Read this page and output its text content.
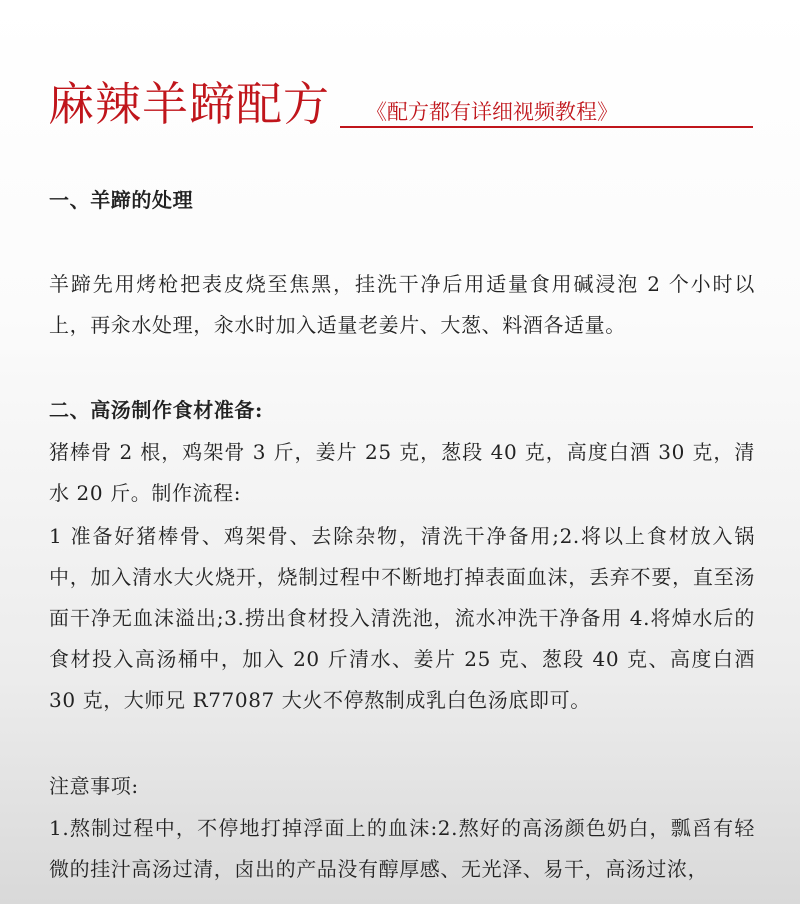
麻辣羊蹄配方 《配方都有详细视频教程》
一、羊蹄的处理
羊蹄先用烤枪把表皮烧至焦黑，挂洗干净后用适量食用碱浸泡 2 个小时以上，再汆水处理，汆水时加入适量老姜片、大葱、料酒各适量。
二、高汤制作食材准备:
猪棒骨 2 根，鸡架骨 3 斤，姜片 25 克，葱段 40 克，高度白酒 30 克，清水 20 斤。制作流程:
1 准备好猪棒骨、鸡架骨、去除杂物，清洗干净备用;2.将以上食材放入锅中，加入清水大火烧开，烧制过程中不断地打掉表面血沫，丢弃不要，直至汤面干净无血沫溢出;3.捞出食材投入清洗池，流水冲洗干净备用 4.将焯水后的食材投入高汤桶中，加入 20 斤清水、姜片 25 克、葱段 40 克、高度白酒 30 克，大师兄 R77087 大火不停熬制成乳白色汤底即可。
注意事项:
1.熬制过程中，不停地打掉浮面上的血沫:2.熬好的高汤颜色奶白，瓢舀有轻微的挂汁高汤过清，卤出的产品没有醇厚感、无光泽、易干，高汤过浓，
